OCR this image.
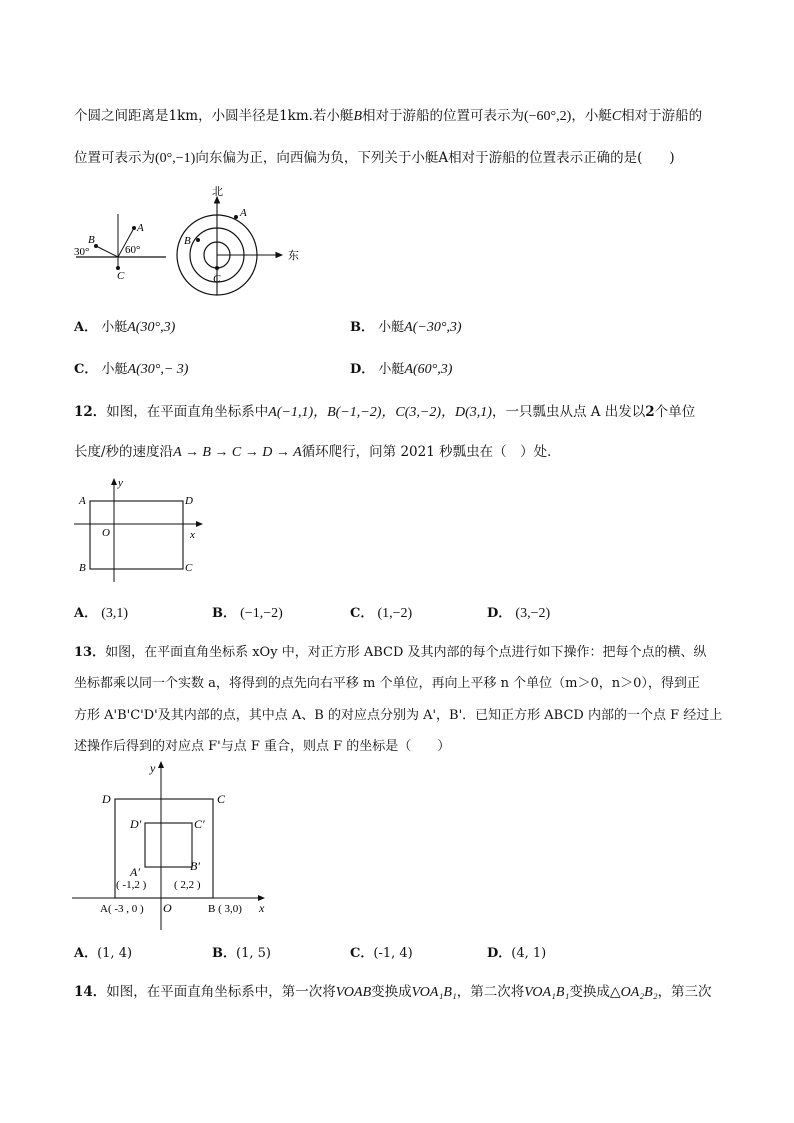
个圆之间距离是1km，小圆半径是1km.若小艇B相对于游船的位置可表示为(−60°,2)，小艇C相对于游船的
位置可表示为(0°,−1)向东偏为正，向西偏为负，下列关于小艇A相对于游船的位置表示正确的是(　　)
A
B
C
60°
30°
北
东
A
B
C
A． 小艇A(30°,3)	B． 小艇A(−30°,3)
C． 小艇A(30°,− 3)	D． 小艇A(60°,3)
12．如图，在平面直角坐标系中A(−1,1)，B(−1,−2)，C(3,−2)，D(3,1)，一只瓢虫从点 A 出发以2个单位
长度/秒的速度沿A → B → C → D → A循环爬行，问第 2021 秒瓢虫在（　）处．
A
B	C
D
O	x
y
A． (3,1)	B． (−1,−2)	C． (1,−2)	D． (3,−2)
13．如图，在平面直角坐标系 xOy 中，对正方形 ABCD 及其内部的每个点进行如下操作：把每个点的横、纵
坐标都乘以同一个实数 a，将得到的点先向右平移 m 个单位，再向上平移 n 个单位（m＞0，n＞0），得到正
方形 A'B'C'D'及其内部的点，其中点 A、B 的对应点分别为 A'，B'．已知正方形 ABCD 内部的一个点 F 经过上
述操作后得到的对应点 F'与点 F 重合，则点 F 的坐标是（　　）
y
x
O
D	C
D′	C′
A′	B′
( -1,2 )	( 2,2 )
A( -3 , 0 )	B ( 3,0)
A．(1, 4)	B．(1, 5)	C．(-1, 4)	D．(4, 1)
14．如图，在平面直角坐标系中，第一次将VOAB变换成VOA₁B₁，第二次将VOA₁B₁变换成△OA₂B₂，第三次
